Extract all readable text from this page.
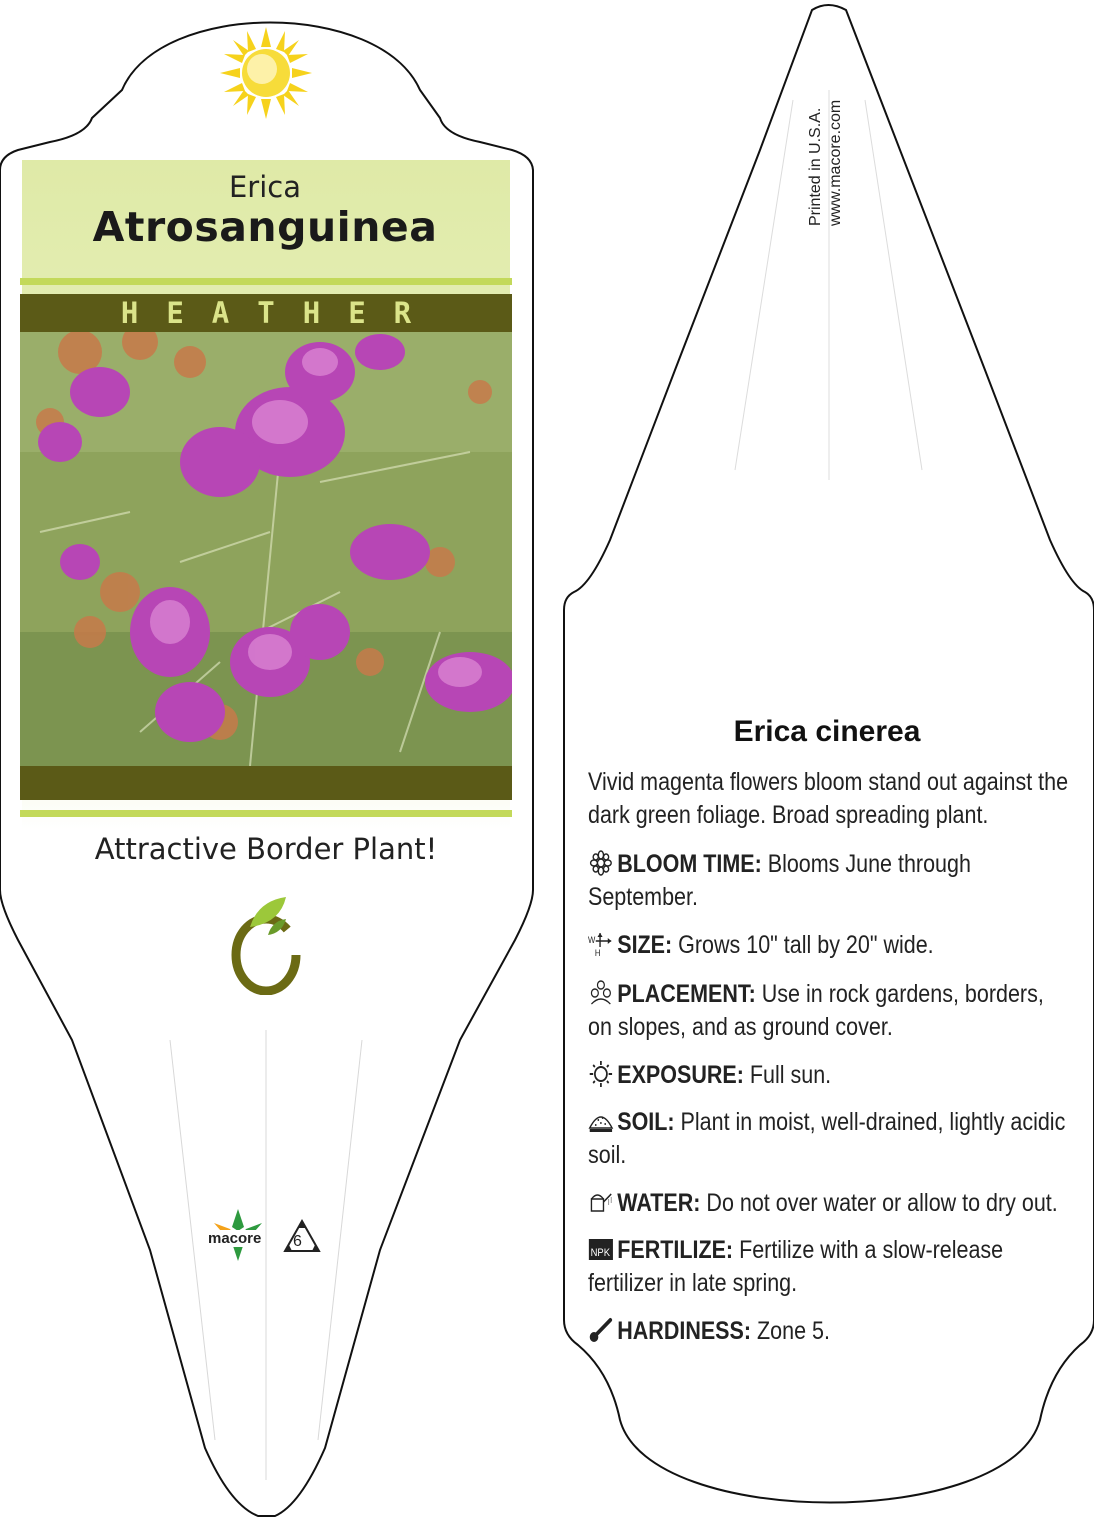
Erica
Atrosanguinea
HEATHER
Attractive Border Plant!
macore 6
Printed in U.S.A. www.macore.com
Erica cinerea
Vivid magenta flowers bloom stand out against the dark green foliage. Broad spreading plant.
BLOOM TIME: Blooms June through September.
W
H SIZE: Grows 10" tall by 20" wide.
PLACEMENT: Use in rock gardens, borders, on slopes, and as ground cover.
EXPOSURE: Full sun.
SOIL: Plant in moist, well-drained, lightly acidic soil.
WATER: Do not over water or allow to dry out.
NPK FERTILIZE: Fertilize with a slow-release fertilizer in late spring.
HARDINESS: Zone 5.
